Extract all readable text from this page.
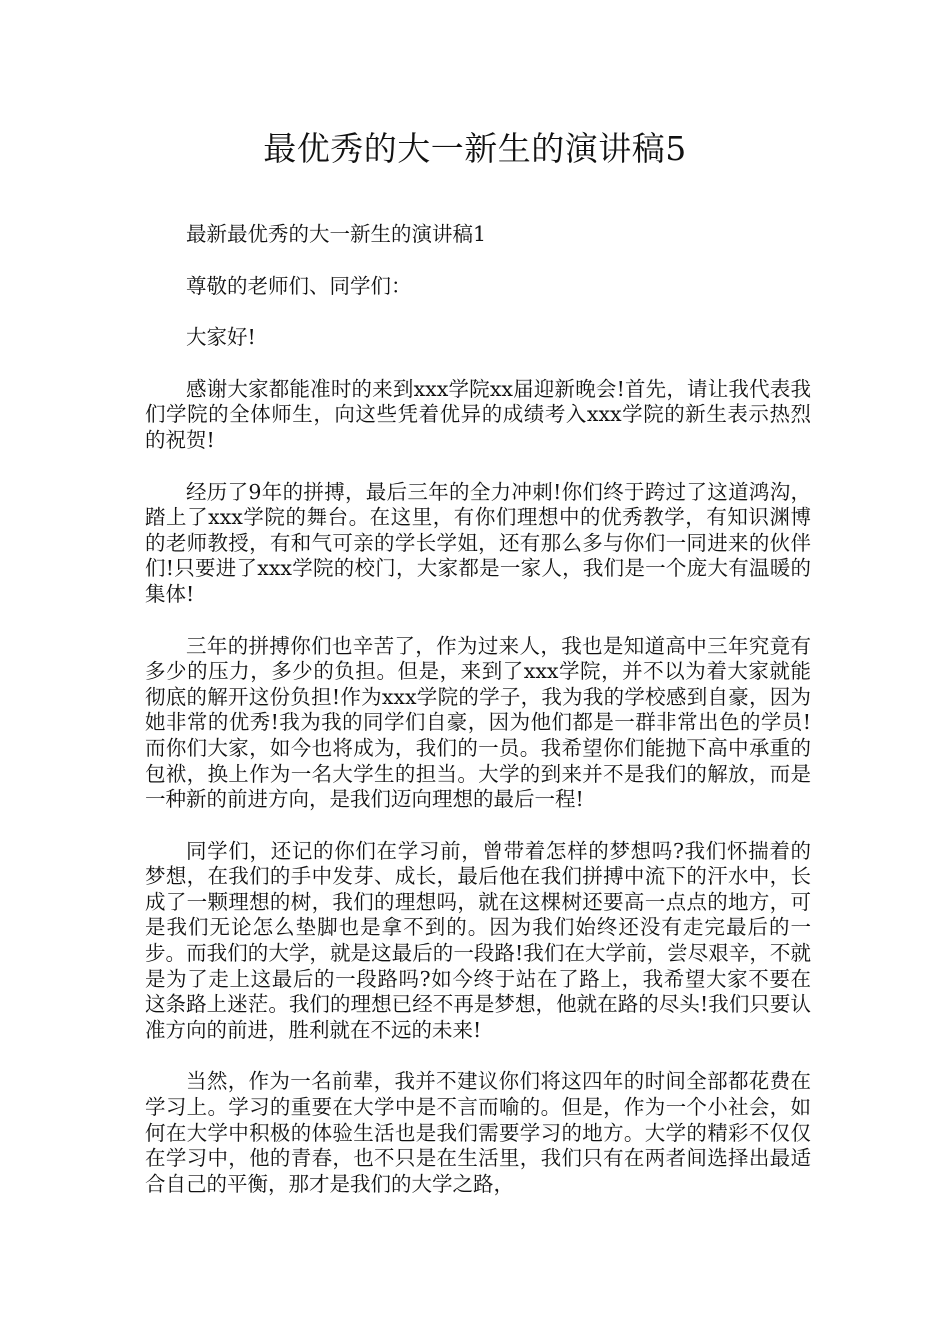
最优秀的大一新生的演讲稿5

最新最优秀的大一新生的演讲稿1

尊敬的老师们、同学们：

大家好!

感谢大家都能准时的来到xxx学院xx届迎新晚会!首先，请让我代表我们学院的全体师生，向这些凭着优异的成绩考入xxx学院的新生表示热烈的祝贺!

经历了9年的拼搏，最后三年的全力冲刺!你们终于跨过了这道鸿沟，踏上了xxx学院的舞台。在这里，有你们理想中的优秀教学，有知识渊博的老师教授，有和气可亲的学长学姐，还有那么多与你们一同进来的伙伴们!只要进了xxx学院的校门，大家都是一家人，我们是一个庞大有温暖的集体!

三年的拼搏你们也辛苦了，作为过来人，我也是知道高中三年究竟有多少的压力，多少的负担。但是，来到了xxx学院，并不以为着大家就能彻底的解开这份负担!作为xxx学院的学子，我为我的学校感到自豪，因为她非常的优秀!我为我的同学们自豪，因为他们都是一群非常出色的学员!而你们大家，如今也将成为，我们的一员。我希望你们能抛下高中承重的包袱，换上作为一名大学生的担当。大学的到来并不是我们的解放，而是一种新的前进方向，是我们迈向理想的最后一程!

同学们，还记的你们在学习前，曾带着怎样的梦想吗?我们怀揣着的梦想，在我们的手中发芽、成长，最后他在我们拼搏中流下的汗水中，长成了一颗理想的树，我们的理想吗，就在这棵树还要高一点点的地方，可是我们无论怎么垫脚也是拿不到的。因为我们始终还没有走完最后的一步。而我们的大学，就是这最后的一段路!我们在大学前，尝尽艰辛，不就是为了走上这最后的一段路吗?如今终于站在了路上，我希望大家不要在这条路上迷茫。我们的理想已经不再是梦想，他就在路的尽头!我们只要认准方向的前进，胜利就在不远的未来!

当然，作为一名前辈，我并不建议你们将这四年的时间全部都花费在学习上。学习的重要在大学中是不言而喻的。但是，作为一个小社会，如何在大学中积极的体验生活也是我们需要学习的地方。大学的精彩不仅仅在学习中，他的青春，也不只是在生活里，我们只有在两者间选择出最适合自己的平衡，那才是我们的大学之路，
